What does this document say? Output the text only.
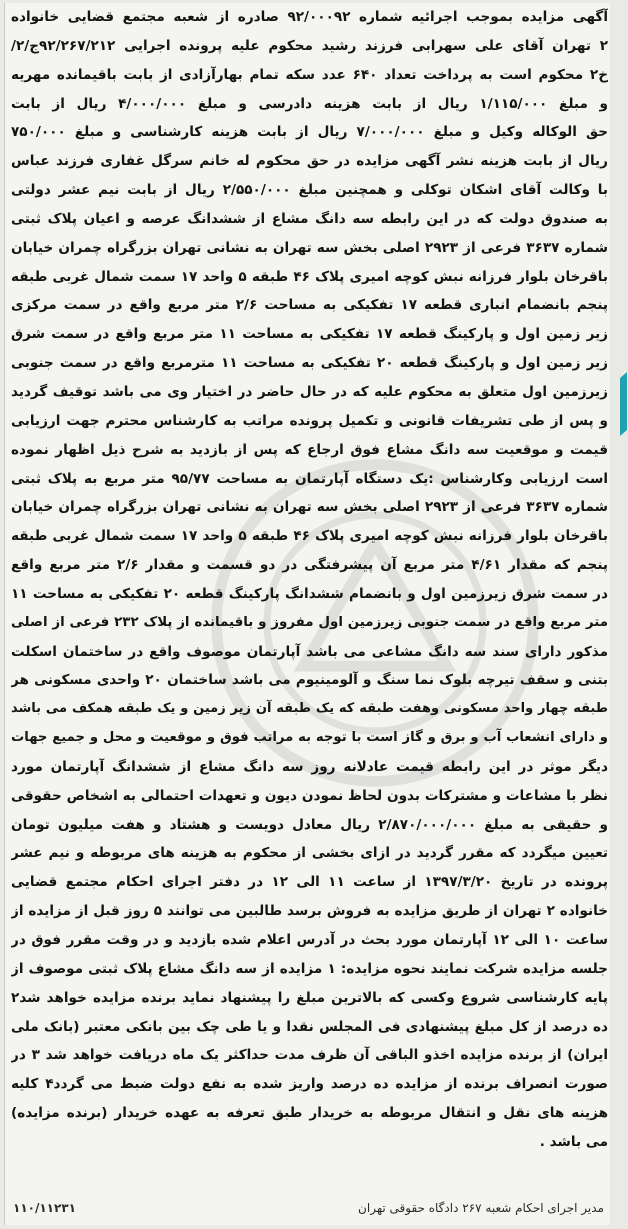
آگهی مزایده بموجب اجرائیه شماره ۹۲/۰۰۰۹۲ صادره از شعبه مجتمع قضایی خانواده
۲ تهران آقای علی سهرابی فرزند رشید محکوم علیه پرونده اجرایی ۹۲/۲۶۷/۲۱۲ج/۲/
خ۲ محکوم است به پرداخت تعداد ۶۴۰ عدد سکه تمام بهارآزادی از بابت باقیمانده مهریه
و مبلغ ۱/۱۱۵/۰۰۰ ریال از بابت هزینه دادرسی و مبلغ ۴/۰۰۰/۰۰۰ ریال از بابت
حق الوکاله وکیل و مبلغ ۷/۰۰۰/۰۰۰ ریال از بابت هزینه کارشناسی و مبلغ ۷۵۰/۰۰۰
ریال از بابت هزینه نشر آگهی مزایده در حق محکوم له خانم سرگل غفاری فرزند عباس
با وکالت آقای اشکان توکلی و همچنین مبلغ ۲/۵۵۰/۰۰۰ ریال از بابت نیم عشر دولتی
به صندوق دولت که در این رابطه سه دانگ مشاع از ششدانگ عرصه و اعیان پلاک ثبتی
شماره ۳۶۳۷ فرعی از ۲۹۲۳ اصلی بخش سه تهران به نشانی تهران بزرگراه چمران خیابان
باقرخان بلوار فرزانه نبش کوچه امیری پلاک ۴۶ طبقه ۵ واحد ۱۷ سمت شمال غربی طبقه
پنجم بانضمام انباری قطعه ۱۷ تفکیکی به مساحت ۲/۶ متر مربع واقع در سمت مرکزی
زیر زمین اول و پارکینگ قطعه ۱۷ تفکیکی به مساحت ۱۱ متر مربع واقع در سمت شرق
زیر زمین اول و پارکینگ قطعه ۲۰ تفکیکی به مساحت ۱۱ مترمربع واقع در سمت جنوبی
زیرزمین اول متعلق به محکوم علیه که در حال حاضر در اختیار وی می باشد توقیف گردید
و پس از طی تشریفات قانونی و تکمیل پرونده مراتب به کارشناس محترم جهت ارزیابی
قیمت و موقعیت سه دانگ مشاع فوق ارجاع که پس از بازدید به شرح ذیل اظهار نموده
است ارزیابی وکارشناس :یک دستگاه آپارتمان به مساحت ۹۵/۷۷ متر مربع به پلاک ثبتی
شماره ۳۶۳۷ فرعی از ۲۹۲۳ اصلی بخش سه تهران به نشانی تهران بزرگراه چمران خیابان
باقرخان بلوار فرزانه نبش کوچه امیری پلاک ۴۶ طبقه ۵ واحد ۱۷ سمت شمال غربی طبقه
پنجم که مقدار ۴/۶۱ متر مربع آن پیشرفتگی در دو قسمت و مقدار ۲/۶ متر مربع واقع
در سمت شرق زیرزمین اول و بانضمام ششدانگ پارکینگ قطعه ۲۰ تفکیکی به مساحت ۱۱
متر مربع واقع در سمت جنوبی زیرزمین اول مفروز و باقیمانده از پلاک ۲۳۲ فرعی از اصلی
مذکور دارای سند سه دانگ مشاعی می باشد آپارتمان موصوف واقع در ساختمان اسکلت
بتنی و سقف تیرچه بلوک نما سنگ و آلومینیوم می باشد ساختمان ۲۰ واحدی مسکونی هر
طبقه چهار واحد مسکونی وهفت طبقه که یک طبقه آن زیر زمین و یک طبقه همکف می باشد
و دارای انشعاب آب و برق و گاز است با توجه به مراتب فوق و موقعیت و محل و جمیع جهات
دیگر موثر در این رابطه قیمت عادلانه روز سه دانگ مشاع از ششدانگ آپارتمان مورد
نظر با مشاعات و مشترکات بدون لحاظ نمودن دیون و تعهدات احتمالی به اشخاص حقوقی
و حقیقی به مبلغ ۲/۸۷۰/۰۰۰/۰۰۰ ریال معادل دویست و هشتاد و هفت میلیون تومان
تعیین میگردد که مقرر گردید در ازای بخشی از محکوم به هزینه های مربوطه و نیم عشر
پرونده در تاریخ ۱۳۹۷/۳/۲۰ از ساعت ۱۱ الی ۱۲ در دفتر اجرای احکام مجتمع قضایی
خانواده ۲ تهران از طریق مزایده به فروش برسد طالبین می توانند ۵ روز قبل از مزایده از
ساعت ۱۰ الی ۱۲ آپارتمان مورد بحث در آدرس اعلام شده بازدید و در وقت مقرر فوق در
جلسه مزایده شرکت نمایند نحوه مزایده: ۱ مزایده از سه دانگ مشاع پلاک ثبتی موصوف از
پایه کارشناسی شروع وکسی که بالاترین مبلغ را پیشنهاد نماید برنده مزایده خواهد شد۲
ده درصد از کل مبلغ پیشنهادی فی المجلس نقدا و یا طی چک بین بانکی معتبر (بانک ملی
ایران) از برنده مزایده اخذو الباقی آن ظرف مدت حداکثر یک ماه دریافت خواهد شد ۳ در
صورت انصراف برنده از مزایده ده درصد واریز شده به نفع دولت ضبط می گردد۴ کلیه
هزینه های نقل و انتقال مربوطه به خریدار طبق تعرفه به عهده خریدار (برنده مزایده)
می باشد .
مدیر اجرای احکام شعبه ۲۶۷ دادگاه حقوقی تهران
۱۱۰/۱۱۲۳۱
